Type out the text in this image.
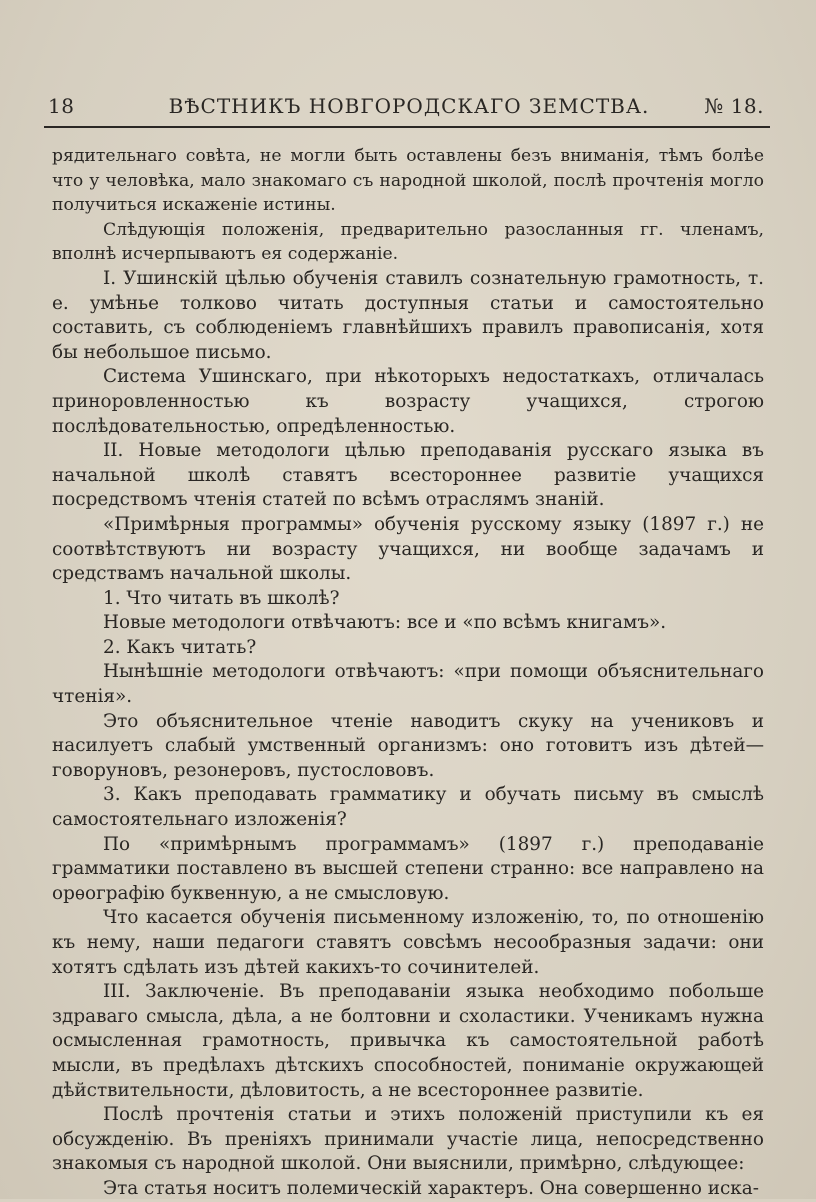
18	ВѢСТНИКЪ НОВГОРОДСКАГО ЗЕМСТВА.	№ 18.

рядительнаго совѣта, не могли быть оставлены безъ вниманія, тѣмъ болѣе что у человѣка, мало знакомаго съ народной школой, послѣ прочтенія могло получиться искаженіе истины.

Слѣдующія положенія, предварительно разосланныя гг. членамъ, вполнѣ исчерпываютъ ея содержаніе.

I. Ушинскій цѣлью обученія ставилъ сознательную грамотность, т. е. умѣнье толково читать доступныя статьи и самостоятельно составить, съ соблюденіемъ главнѣйшихъ правилъ правописанія, хотя бы небольшое письмо.

Система Ушинскаго, при нѣкоторыхъ недостаткахъ, отличалась приноровленностью къ возрасту учащихся, строгою послѣдовательностью, опредѣленностью.

II. Новые методологи цѣлью преподаванія русскаго языка въ начальной школѣ ставятъ всестороннее развитіе учащихся посредствомъ чтенія статей по всѣмъ отраслямъ знаній.

«Примѣрныя программы» обученія русскому языку (1897 г.) не соотвѣтствуютъ ни возрасту учащихся, ни вообще задачамъ и средствамъ начальной школы.

1. Что читать въ школѣ?

Новые методологи отвѣчаютъ: все и «по всѣмъ книгамъ».

2. Какъ читать?

Нынѣшніе методологи отвѣчаютъ: «при помощи объяснительнаго чтенія».

Это объяснительное чтеніе наводитъ скуку на учениковъ и насилуетъ слабый умственный организмъ: оно готовитъ изъ дѣтей—говоруновъ, резонеровъ, пустослововъ.

3. Какъ преподавать грамматику и обучать письму въ смыслѣ самостоятельнаго изложенія?

По «примѣрнымъ программамъ» (1897 г.) преподаваніе грамматики поставлено въ высшей степени странно: все направлено на орѳографію буквенную, а не смысловую.

Что касается обученія письменному изложенію, то, по отношенію къ нему, наши педагоги ставятъ совсѣмъ несообразныя задачи: они хотятъ сдѣлать изъ дѣтей какихъ-то сочинителей.

III. Заключеніе. Въ преподаваніи языка необходимо побольше здраваго смысла, дѣла, а не болтовни и схоластики. Ученикамъ нужна осмысленная грамотность, привычка къ самостоятельной работѣ мысли, въ предѣлахъ дѣтскихъ способностей, пониманіе окружающей дѣйствительности, дѣловитость, а не всестороннее развитіе.

Послѣ прочтенія статьи и этихъ положеній приступили къ ея обсужденію. Въ преніяхъ принимали участіе лица, непосредственно знакомыя съ народной школой. Они выяснили, примѣрно, слѣдующее:

Эта статья носитъ полемическій характеръ. Она совершенно иска-
